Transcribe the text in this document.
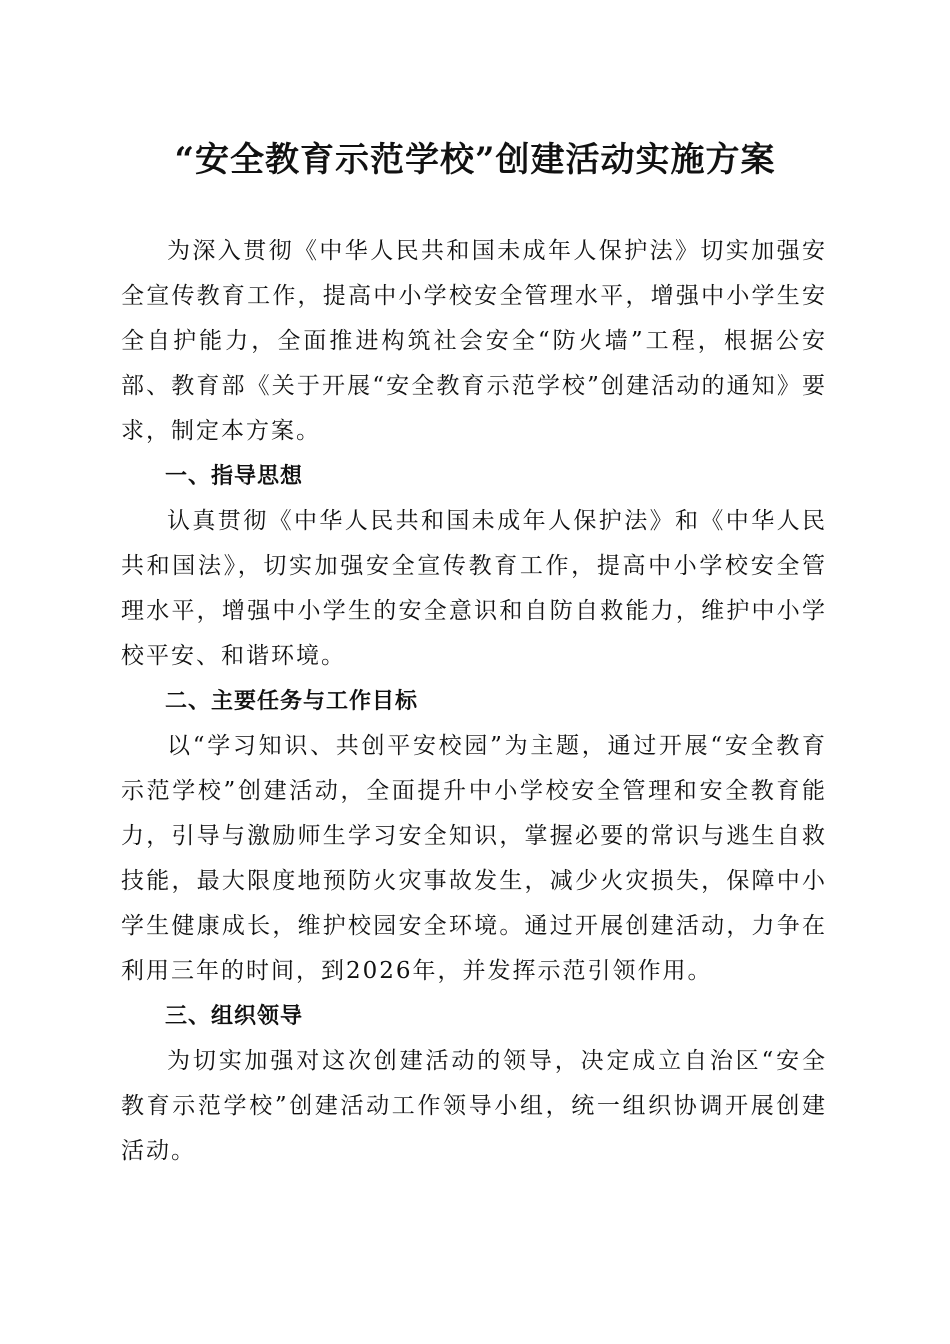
“安全教育示范学校”创建活动实施方案

为深入贯彻《中华人民共和国未成年人保护法》切实加强安全宣传教育工作，提高中小学校安全管理水平，增强中小学生安全自护能力，全面推进构筑社会安全“防火墙”工程，根据公安部、教育部《关于开展“安全教育示范学校”创建活动的通知》要求，制定本方案。

一、指导思想

认真贯彻《中华人民共和国未成年人保护法》和《中华人民共和国法》，切实加强安全宣传教育工作，提高中小学校安全管理水平，增强中小学生的安全意识和自防自救能力，维护中小学校平安、和谐环境。

二、主要任务与工作目标

以“学习知识、共创平安校园”为主题，通过开展“安全教育示范学校”创建活动，全面提升中小学校安全管理和安全教育能力，引导与激励师生学习安全知识，掌握必要的常识与逃生自救技能，最大限度地预防火灾事故发生，减少火灾损失，保障中小学生健康成长，维护校园安全环境。通过开展创建活动，力争在利用三年的时间，到2026年，并发挥示范引领作用。

三、组织领导

为切实加强对这次创建活动的领导，决定成立自治区“安全教育示范学校”创建活动工作领导小组，统一组织协调开展创建活动。
